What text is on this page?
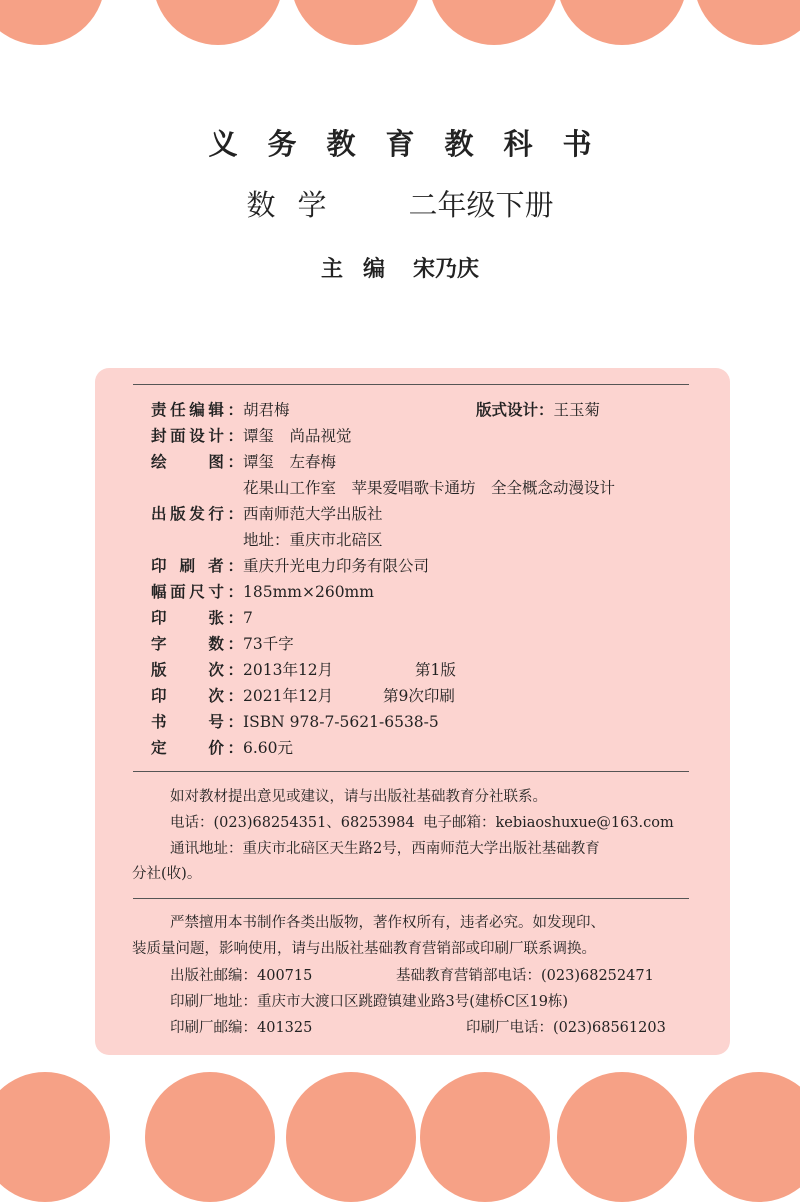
义务教育教科书
数学 二年级下册
主编 宋乃庆
责任编辑：胡君梅	版式设计：王玉菊
封面设计：谭玺　尚品视觉
绘　　图：谭玺　左春梅
花果山工作室　苹果爱唱歌卡通坊　全全概念动漫设计
出版发行：西南师范大学出版社
地址：重庆市北碚区
印 刷 者：重庆升光电力印务有限公司
幅面尺寸：185mm×260mm
印　　张：7
字　　数：73千字
版　　次：2013年12月	第1版
印　　次：2021年12月	第9次印刷
书　　号：ISBN 978-7-5621-6538-5
定　　价：6.60元
如对教材提出意见或建议，请与出版社基础教育分社联系。
电话：(023)68254351、68253984 电子邮箱：kebiaoshuxue@163.com
通讯地址：重庆市北碚区天生路2号，西南师范大学出版社基础教育
分社(收)。
严禁擅用本书制作各类出版物，著作权所有，违者必究。如发现印、
装质量问题，影响使用，请与出版社基础教育营销部或印刷厂联系调换。
出版社邮编：400715	基础教育营销部电话：(023)68252471
印刷厂地址：重庆市大渡口区跳蹬镇建业路3号(建桥C区19栋)
印刷厂邮编：401325	印刷厂电话：(023)68561203
